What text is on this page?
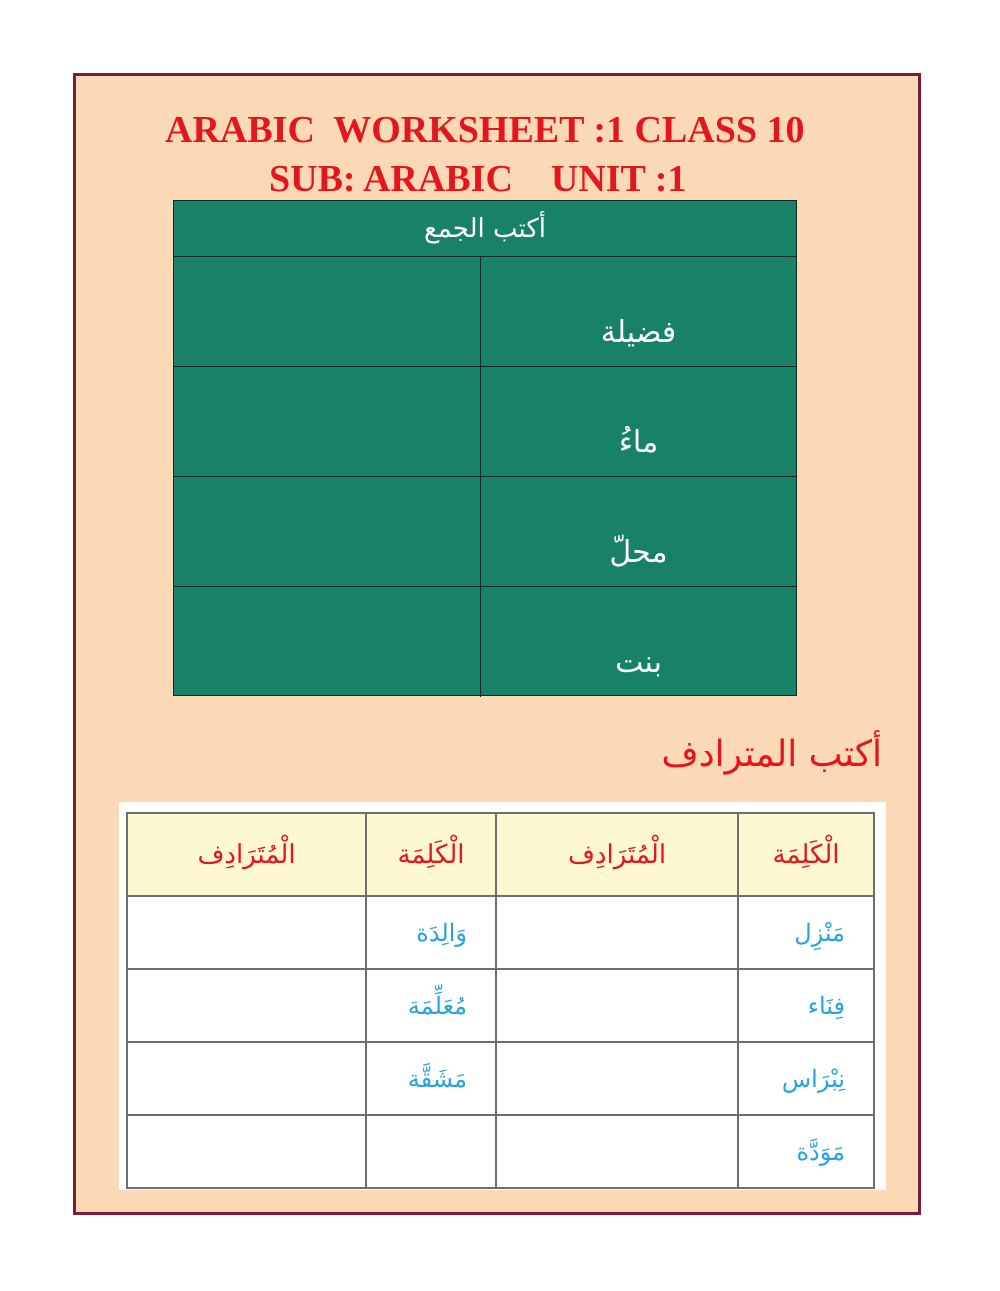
ARABIC  WORKSHEET :1 CLASS 10
SUB: ARABIC    UNIT :1
أكتب الجمع
فضيلة
ماءُ
محلّ
بنت
أكتب المترادف
الْكَلِمَة	الْمُتَرَادِف	الْكَلِمَة	الْمُتَرَادِف
مَنْزِل		وَالِدَة	
فِنَاء		مُعَلِّمَة	
نِبْرَاس		مَشَقَّة	
مَوَدَّة			
